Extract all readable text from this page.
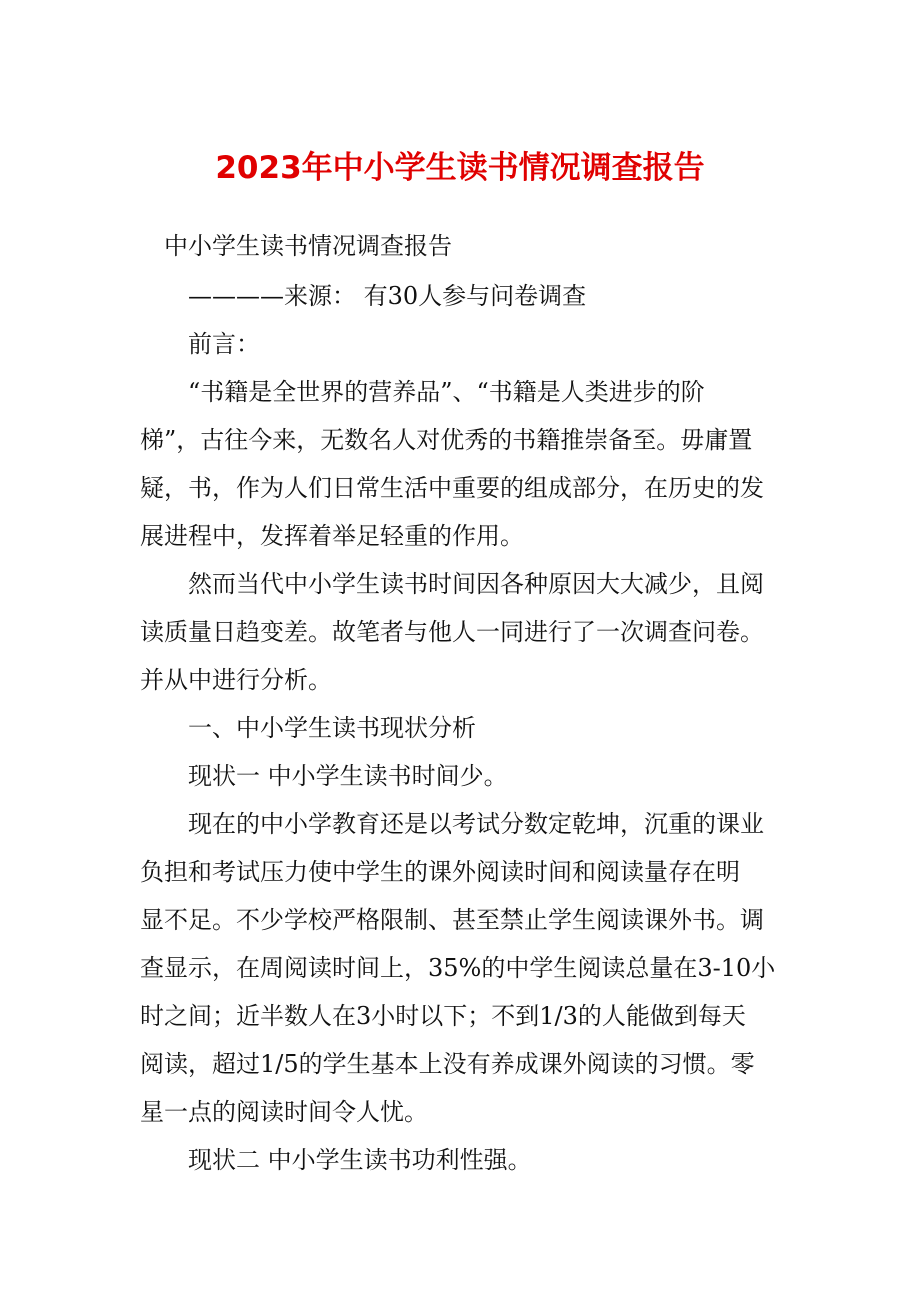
2023年中小学生读书情况调查报告

中小学生读书情况调查报告

————来源： 有30人参与问卷调查

前言：

“书籍是全世界的营养品”、“书籍是人类进步的阶

梯”，古往今来，无数名人对优秀的书籍推崇备至。毋庸置

疑，书，作为人们日常生活中重要的组成部分，在历史的发

展进程中，发挥着举足轻重的作用。

然而当代中小学生读书时间因各种原因大大减少，且阅

读质量日趋变差。故笔者与他人一同进行了一次调查问卷。

并从中进行分析。

一、中小学生读书现状分析

现状一 中小学生读书时间少。

现在的中小学教育还是以考试分数定乾坤，沉重的课业

负担和考试压力使中学生的课外阅读时间和阅读量存在明

显不足。不少学校严格限制、甚至禁止学生阅读课外书。调

查显示，在周阅读时间上，35%的中学生阅读总量在3-10小

时之间；近半数人在3小时以下；不到1/3的人能做到每天

阅读，超过1/5的学生基本上没有养成课外阅读的习惯。零

星一点的阅读时间令人忧。

现状二 中小学生读书功利性强。
